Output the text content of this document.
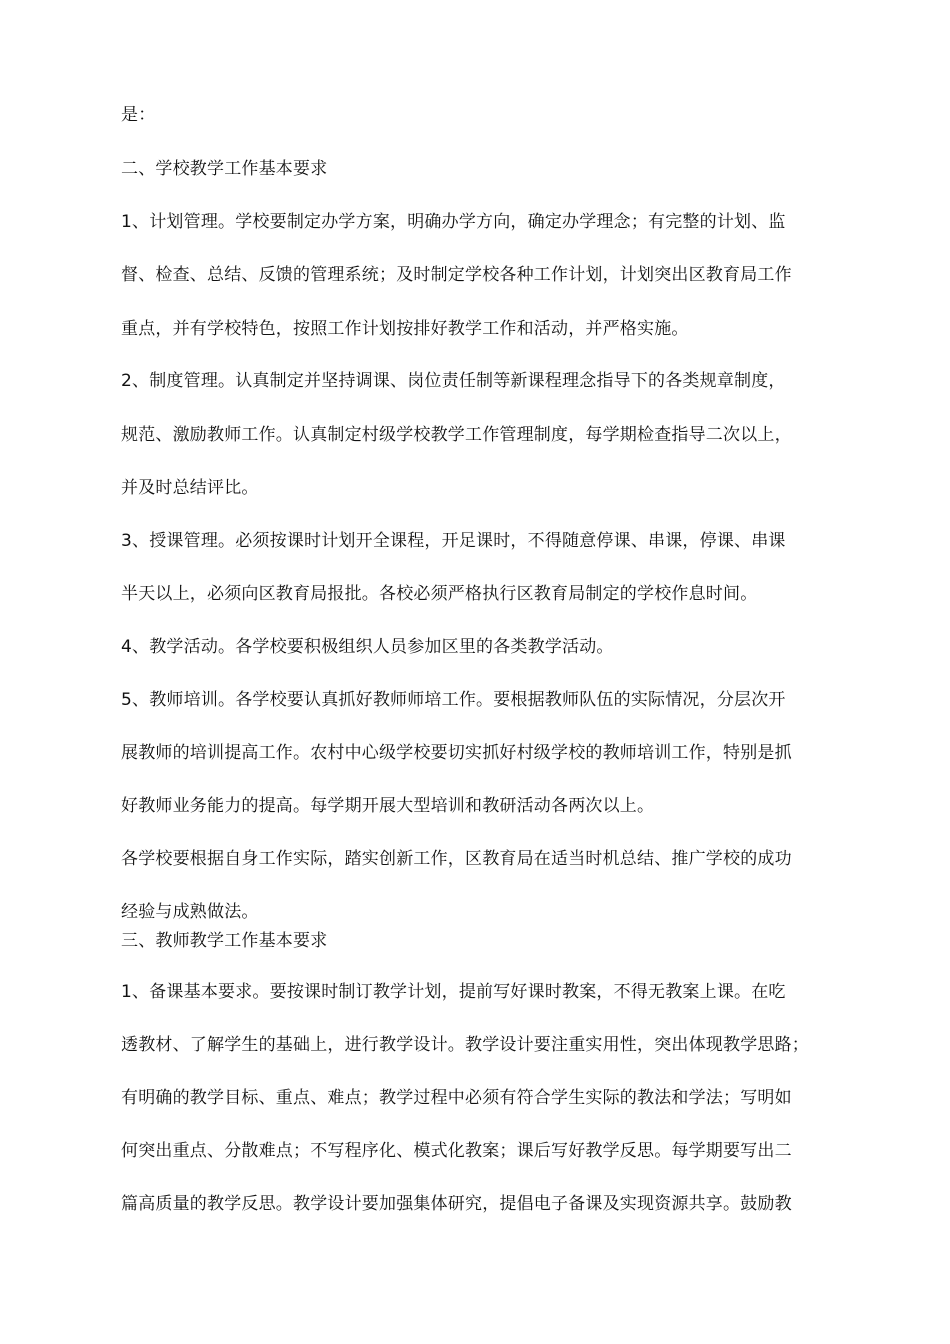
是：
二、学校教学工作基本要求
1、计划管理。学校要制定办学方案，明确办学方向，确定办学理念；有完整的计划、监
督、检查、总结、反馈的管理系统；及时制定学校各种工作计划，计划突出区教育局工作
重点，并有学校特色，按照工作计划按排好教学工作和活动，并严格实施。
2、制度管理。认真制定并坚持调课、岗位责任制等新课程理念指导下的各类规章制度，
规范、激励教师工作。认真制定村级学校教学工作管理制度，每学期检查指导二次以上，
并及时总结评比。
3、授课管理。必须按课时计划开全课程，开足课时，不得随意停课、串课，停课、串课
半天以上，必须向区教育局报批。各校必须严格执行区教育局制定的学校作息时间。
4、教学活动。各学校要积极组织人员参加区里的各类教学活动。
5、教师培训。各学校要认真抓好教师师培工作。要根据教师队伍的实际情况，分层次开
展教师的培训提高工作。农村中心级学校要切实抓好村级学校的教师培训工作，特别是抓
好教师业务能力的提高。每学期开展大型培训和教研活动各两次以上。
各学校要根据自身工作实际，踏实创新工作，区教育局在适当时机总结、推广学校的成功
经验与成熟做法。
三、教师教学工作基本要求
1、备课基本要求。要按课时制订教学计划，提前写好课时教案，不得无教案上课。在吃
透教材、了解学生的基础上，进行教学设计。教学设计要注重实用性，突出体现教学思路；
有明确的教学目标、重点、难点；教学过程中必须有符合学生实际的教法和学法；写明如
何突出重点、分散难点；不写程序化、模式化教案；课后写好教学反思。每学期要写出二
篇高质量的教学反思。教学设计要加强集体研究，提倡电子备课及实现资源共享。鼓励教
